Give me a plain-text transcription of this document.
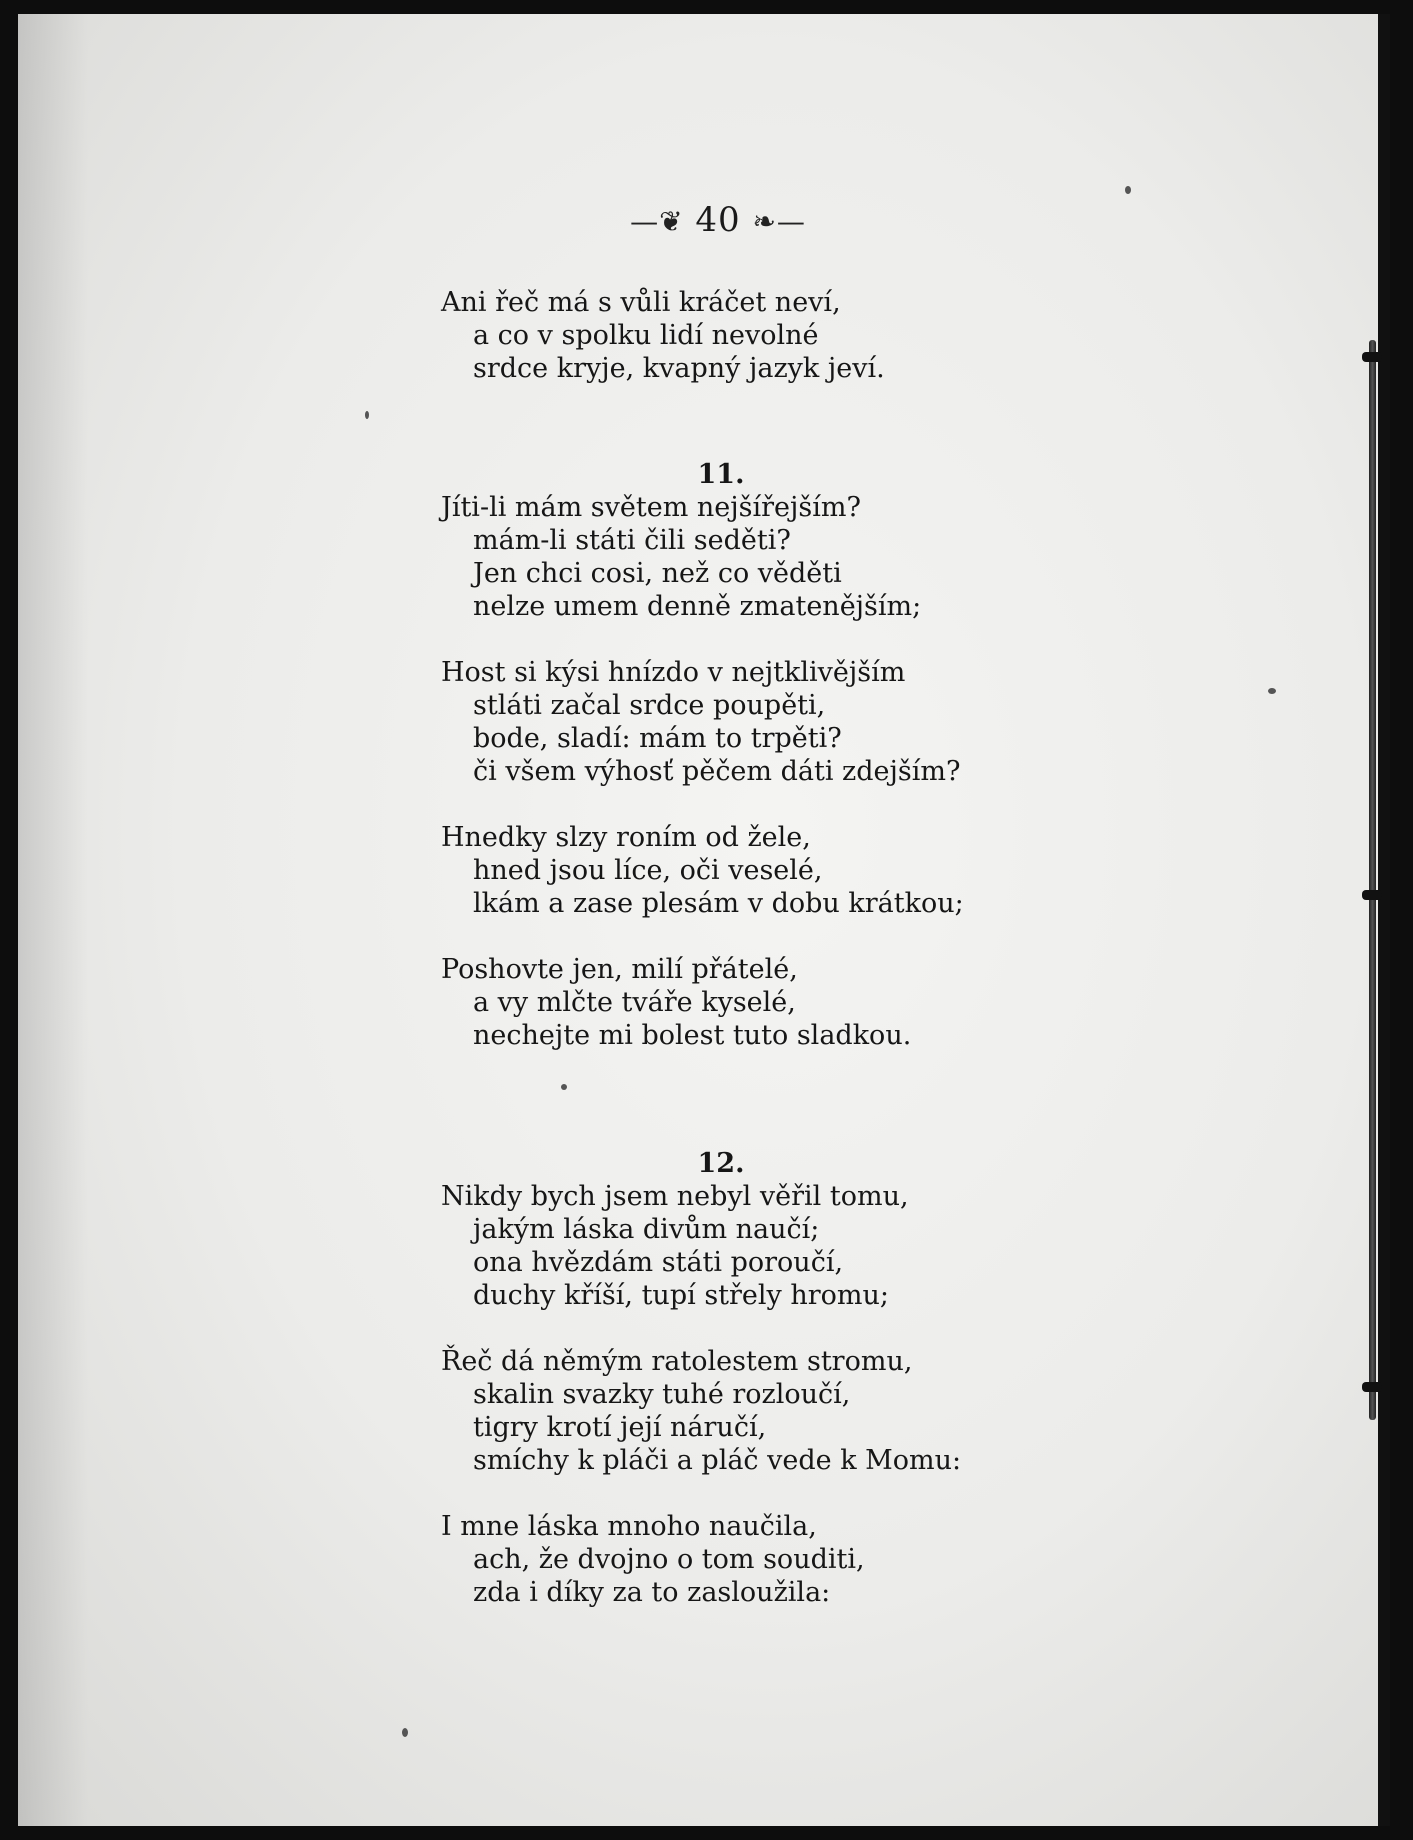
—❦ 40 ❧—
Ani řeč má s vůli kráčet neví,
a co v spolku lidí nevolné
srdce kryje, kvapný jazyk jeví.

11.

Jíti-li mám světem nejšířejším?
mám-li státi čili seděti?
Jen chci cosi, než co věděti
nelze umem denně zmatenějším;
Host si kýsi hnízdo v nejtklivějším
stláti začal srdce poupěti,
bode, sladí: mám to trpěti?
či všem výhosť pěčem dáti zdejším?
Hnedky slzy roním od žele,
hned jsou líce, oči veselé,
lkám a zase plesám v dobu krátkou;
Poshovte jen, milí přátelé,
a vy mlčte tváře kyselé,
nechejte mi bolest tuto sladkou.

12.

Nikdy bych jsem nebyl věřil tomu,
jakým láska divům naučí;
ona hvězdám státi poroučí,
duchy kříší, tupí střely hromu;
Řeč dá němým ratolestem stromu,
skalin svazky tuhé rozloučí,
tigry krotí její náručí,
smíchy k pláči a pláč vede k Momu:
I mne láska mnoho naučila,
ach, že dvojno o tom souditi,
zda i díky za to zasloužila:
